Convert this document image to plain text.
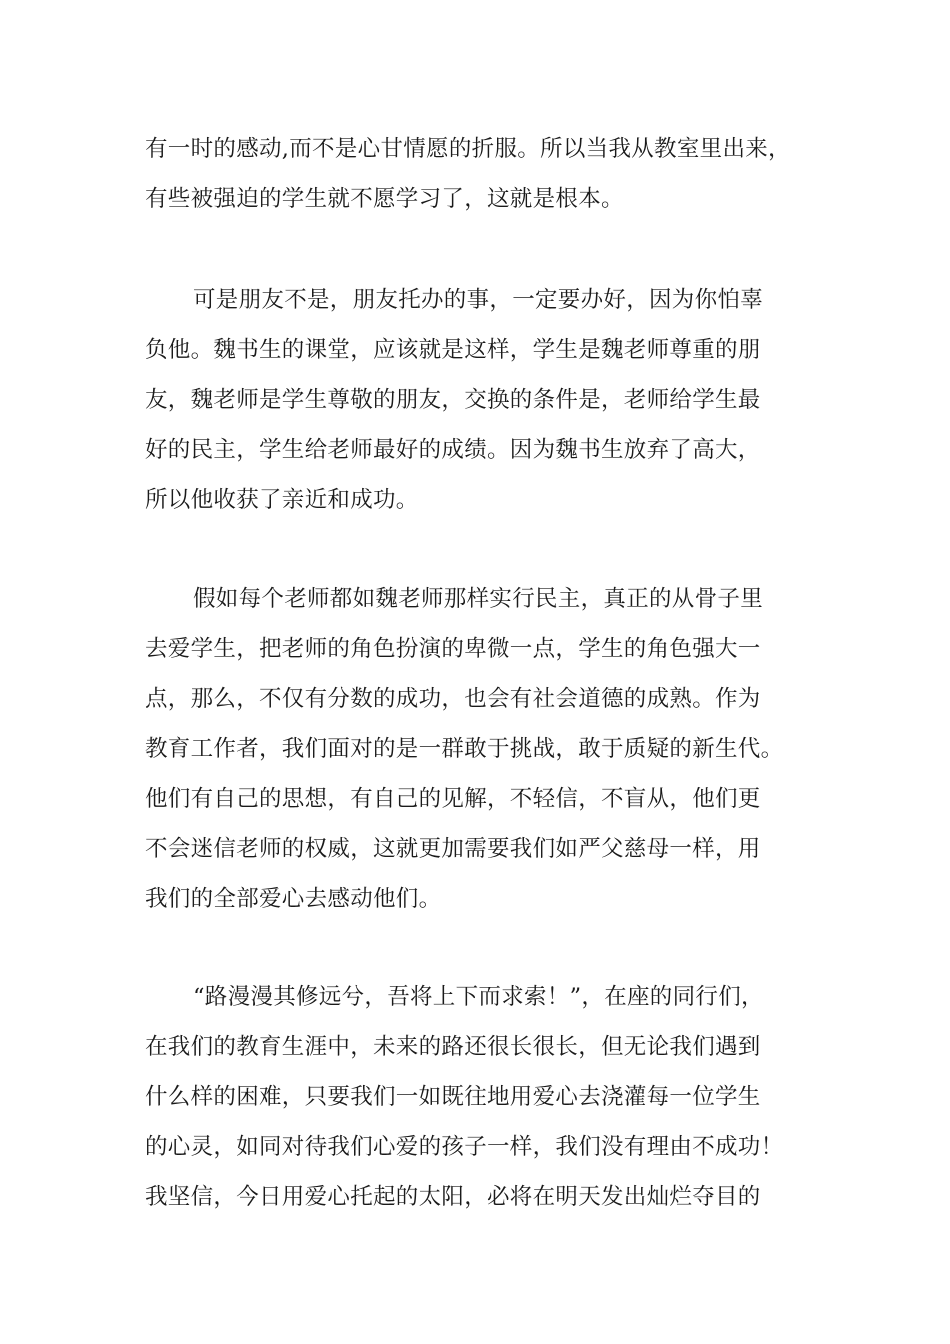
有一时的感动,而不是心甘情愿的折服。所以当我从教室里出来，
有些被强迫的学生就不愿学习了，这就是根本。
可是朋友不是，朋友托办的事，一定要办好，因为你怕辜
负他。魏书生的课堂，应该就是这样，学生是魏老师尊重的朋
友，魏老师是学生尊敬的朋友，交换的条件是，老师给学生最
好的民主，学生给老师最好的成绩。因为魏书生放弃了高大，
所以他收获了亲近和成功。
假如每个老师都如魏老师那样实行民主，真正的从骨子里
去爱学生，把老师的角色扮演的卑微一点，学生的角色强大一
点，那么，不仅有分数的成功，也会有社会道德的成熟。作为
教育工作者，我们面对的是一群敢于挑战，敢于质疑的新生代。
他们有自己的思想，有自己的见解，不轻信，不盲从，他们更
不会迷信老师的权威，这就更加需要我们如严父慈母一样，用
我们的全部爱心去感动他们。
“路漫漫其修远兮，吾将上下而求索！”，在座的同行们，
在我们的教育生涯中，未来的路还很长很长，但无论我们遇到
什么样的困难，只要我们一如既往地用爱心去浇灌每一位学生
的心灵，如同对待我们心爱的孩子一样，我们没有理由不成功！
我坚信，今日用爱心托起的太阳，必将在明天发出灿烂夺目的
